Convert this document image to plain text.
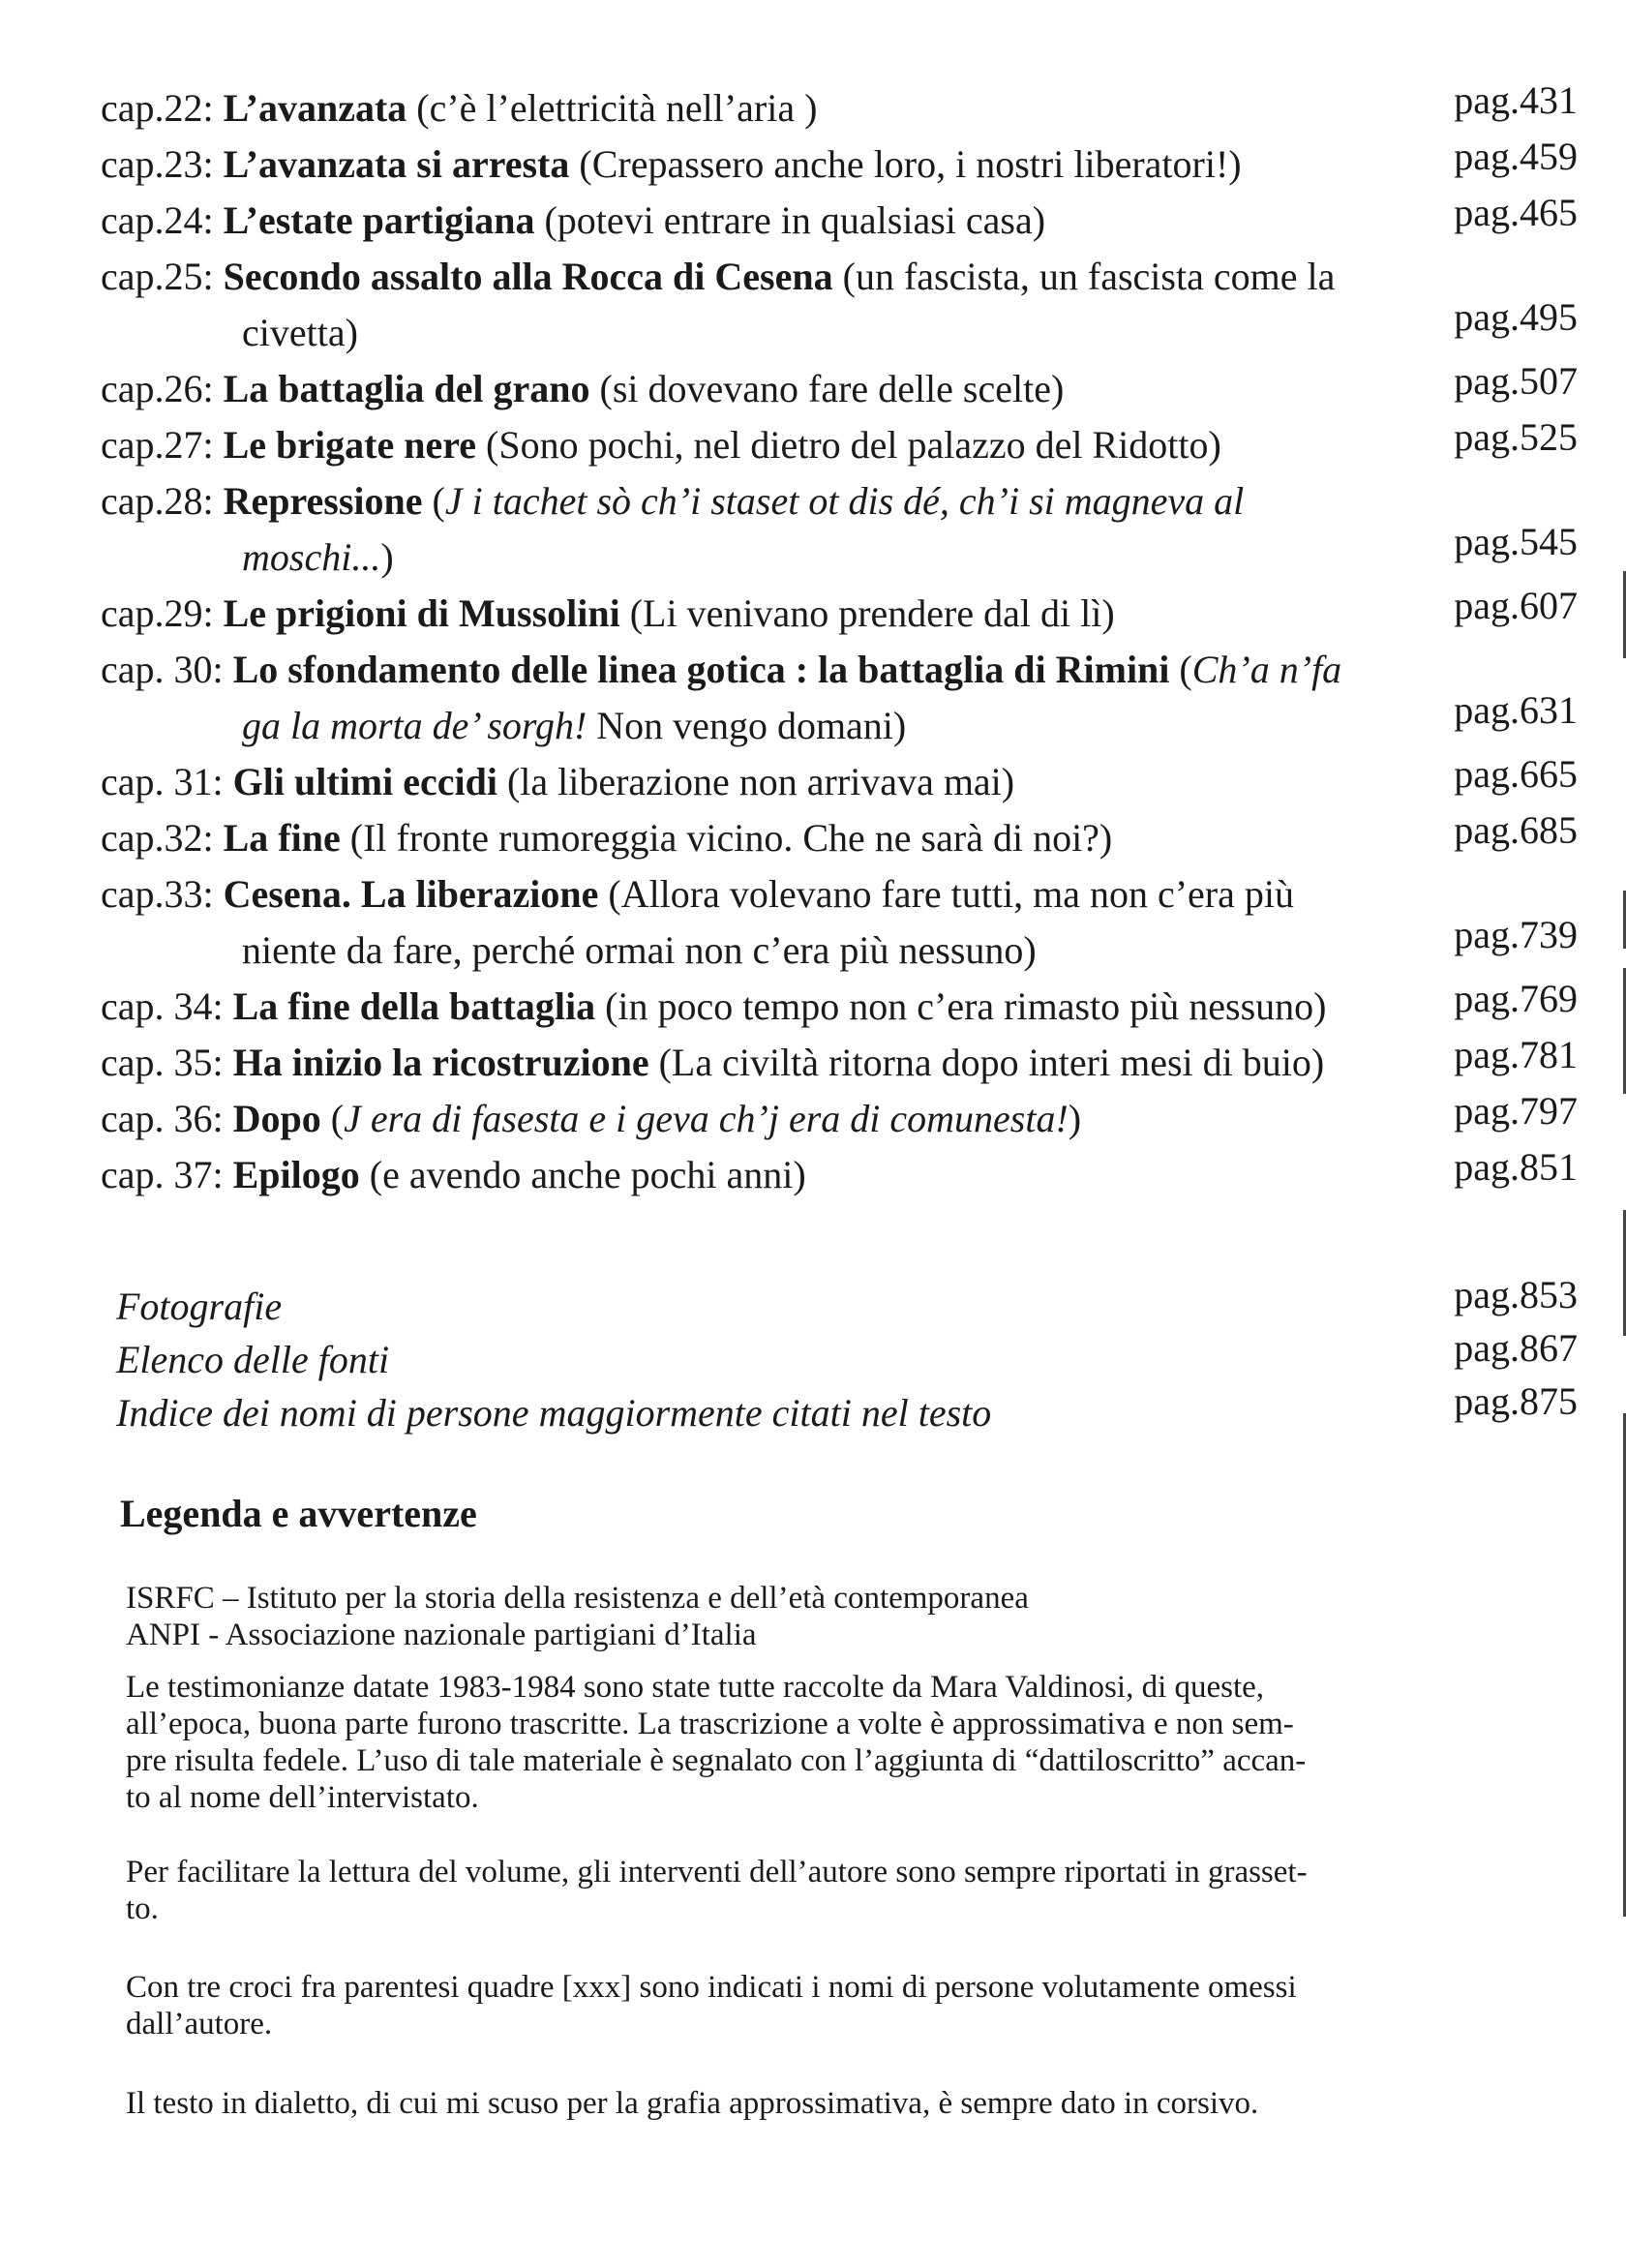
cap.22: L’avanzata (c’è l’elettricità nell’aria )	pag.431
cap.23: L’avanzata si arresta (Crepassero anche loro, i nostri liberatori!)	pag.459
cap.24: L’estate partigiana (potevi entrare in qualsiasi casa)	pag.465
cap.25: Secondo assalto alla Rocca di Cesena (un fascista, un fascista come la
civetta)	pag.495
cap.26: La battaglia del grano (si dovevano fare delle scelte)	pag.507
cap.27: Le brigate nere (Sono pochi, nel dietro del palazzo del Ridotto)	pag.525
cap.28: Repressione (J i tachet sò ch’i staset ot dis dé, ch’i si magneva al
moschi...)	pag.545
cap.29: Le prigioni di Mussolini (Li venivano prendere dal di lì)	pag.607
cap. 30: Lo sfondamento delle linea gotica : la battaglia di Rimini (Ch’a n’fa
ga la morta de’ sorgh! Non vengo domani)	pag.631
cap. 31: Gli ultimi eccidi (la liberazione non arrivava mai)	pag.665
cap.32: La fine (Il fronte rumoreggia vicino. Che ne sarà di noi?)	pag.685
cap.33: Cesena. La liberazione (Allora volevano fare tutti, ma non c’era più
niente da fare, perché ormai non c’era più nessuno)	pag.739
cap. 34: La fine della battaglia (in poco tempo non c’era rimasto più nessuno)	pag.769
cap. 35: Ha inizio la ricostruzione (La civiltà ritorna dopo interi mesi di buio)	pag.781
cap. 36: Dopo (J era di fasesta e i geva ch’j era di comunesta!)	pag.797
cap. 37: Epilogo (e avendo anche pochi anni)	pag.851
Fotografie	pag.853
Elenco delle fonti	pag.867
Indice dei nomi di persone maggiormente citati nel testo	pag.875
Legenda e avvertenze

ISRFC – Istituto per la storia della resistenza e dell’età contemporanea

ANPI - Associazione nazionale partigiani d’Italia

Le testimonianze datate 1983-1984 sono state tutte raccolte da Mara Valdinosi, di queste,

all’epoca, buona parte furono trascritte. La trascrizione a volte è approssimativa e non sem-

pre risulta fedele. L’uso di tale materiale è segnalato con l’aggiunta di “dattiloscritto” accan-

to al nome dell’intervistato.

Per facilitare la lettura del volume, gli interventi dell’autore sono sempre riportati in grasset-

to.

Con tre croci fra parentesi quadre [xxx] sono indicati i nomi di persone volutamente omessi

dall’autore.

Il testo in dialetto, di cui mi scuso per la grafia approssimativa, è sempre dato in corsivo.
